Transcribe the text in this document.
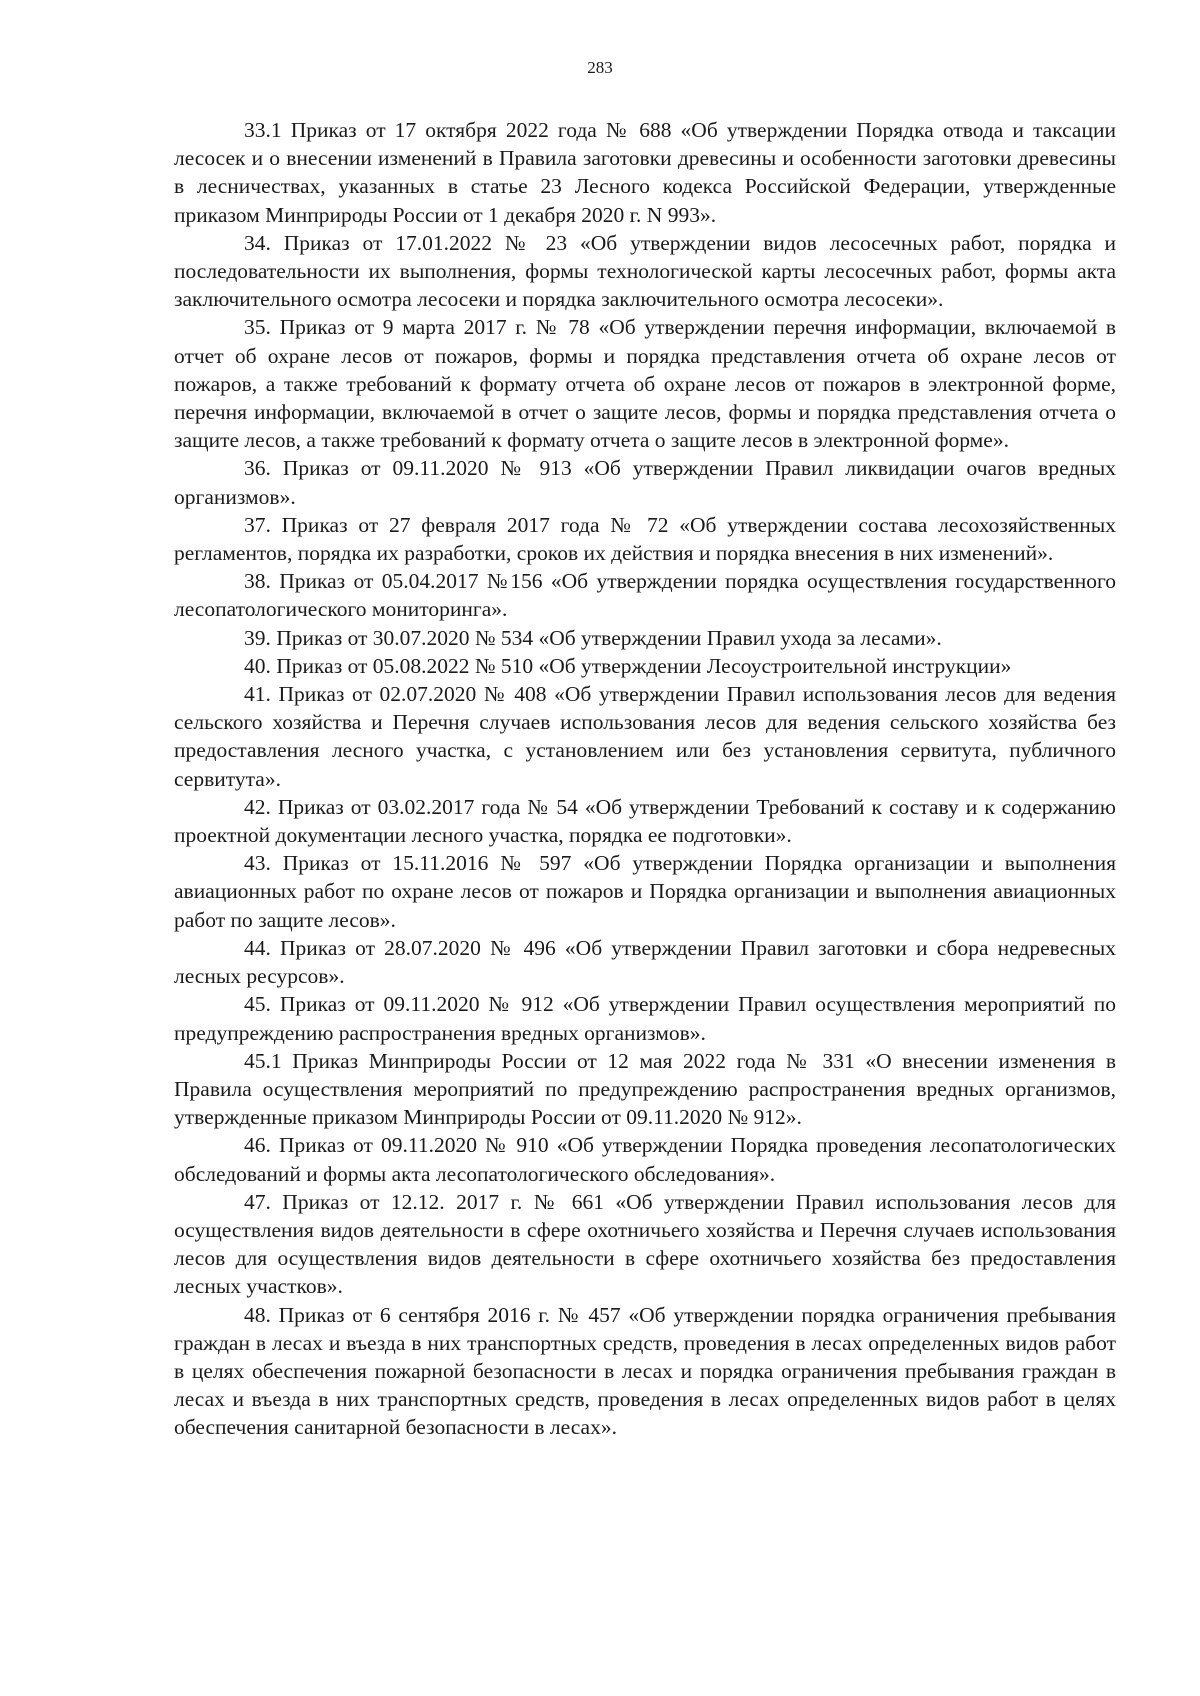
283

33.1 Приказ от 17 октября 2022 года № 688 «Об утверждении Порядка отвода и таксации лесосек и о внесении изменений в Правила заготовки древесины и особенности заготовки древесины в лесничествах, указанных в статье 23 Лесного кодекса Российской Федерации, утвержденные приказом Минприроды России от 1 декабря 2020 г. N 993».

34. Приказ от 17.01.2022 № 23 «Об утверждении видов лесосечных работ, порядка и последовательности их выполнения, формы технологической карты лесосечных работ, формы акта заключительного осмотра лесосеки и порядка заключительного осмотра лесосеки».

35. Приказ от 9 марта 2017 г. № 78 «Об утверждении перечня информации, включаемой в отчет об охране лесов от пожаров, формы и порядка представления отчета об охране лесов от пожаров, а также требований к формату отчета об охране лесов от пожаров в электронной форме, перечня информации, включаемой в отчет о защите лесов, формы и порядка представления отчета о защите лесов, а также требований к формату отчета о защите лесов в электронной форме».

36. Приказ от 09.11.2020 № 913 «Об утверждении Правил ликвидации очагов вредных организмов».

37. Приказ от 27 февраля 2017 года № 72 «Об утверждении состава лесохозяйственных регламентов, порядка их разработки, сроков их действия и порядка внесения в них изменений».

38. Приказ от 05.04.2017 №156 «Об утверждении порядка осуществления государственного лесопатологического мониторинга».

39. Приказ от 30.07.2020 № 534 «Об утверждении Правил ухода за лесами».

40. Приказ от 05.08.2022 № 510 «Об утверждении Лесоустроительной инструкции»

41. Приказ от 02.07.2020 № 408 «Об утверждении Правил использования лесов для ведения сельского хозяйства и Перечня случаев использования лесов для ведения сельского хозяйства без предоставления лесного участка, с установлением или без установления сервитута, публичного сервитута».

42. Приказ от 03.02.2017 года № 54 «Об утверждении Требований к составу и к содержанию проектной документации лесного участка, порядка ее подготовки».

43. Приказ от 15.11.2016 № 597 «Об утверждении Порядка организации и выполнения авиационных работ по охране лесов от пожаров и Порядка организации и выполнения авиационных работ по защите лесов».

44. Приказ от 28.07.2020 № 496 «Об утверждении Правил заготовки и сбора недревесных лесных ресурсов».

45. Приказ от 09.11.2020 № 912 «Об утверждении Правил осуществления мероприятий по предупреждению распространения вредных организмов».

45.1 Приказ Минприроды России от 12 мая 2022 года № 331 «О внесении изменения в Правила осуществления мероприятий по предупреждению распространения вредных организмов, утвержденные приказом Минприроды России от 09.11.2020 № 912».

46. Приказ от 09.11.2020 № 910 «Об утверждении Порядка проведения лесопатологических обследований и формы акта лесопатологического обследования».

47. Приказ от 12.12. 2017 г. № 661 «Об утверждении Правил использования лесов для осуществления видов деятельности в сфере охотничьего хозяйства и Перечня случаев использования лесов для осуществления видов деятельности в сфере охотничьего хозяйства без предоставления лесных участков».

48. Приказ от 6 сентября 2016 г. № 457 «Об утверждении порядка ограничения пребывания граждан в лесах и въезда в них транспортных средств, проведения в лесах определенных видов работ в целях обеспечения пожарной безопасности в лесах и порядка ограничения пребывания граждан в лесах и въезда в них транспортных средств, проведения в лесах определенных видов работ в целях обеспечения санитарной безопасности в лесах».
